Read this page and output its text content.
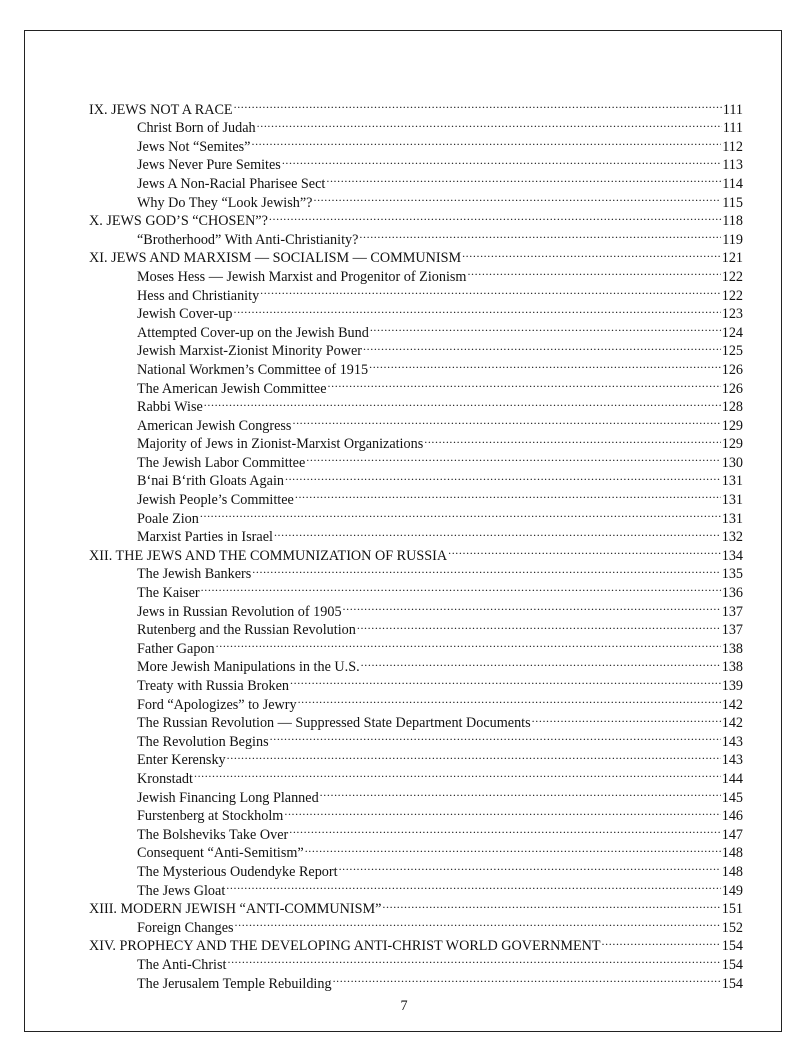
IX. JEWS NOT A RACE .....	111
Christ Born of Judah .....	111
Jews Not “Semites” .....	112
Jews Never Pure Semites .....	113
Jews A Non-Racial Pharisee Sect .....	114
Why Do They “Look Jewish”? .....	115
X. JEWS GOD’S “CHOSEN”? .....	118
“Brotherhood” With Anti-Christianity? .....	119
XI. JEWS AND MARXISM — SOCIALISM — COMMUNISM .....	121
Moses Hess — Jewish Marxist and Progenitor of Zionism .....	122
Hess and Christianity .....	122
Jewish Cover-up .....	123
Attempted Cover-up on the Jewish Bund .....	124
Jewish Marxist-Zionist Minority Power .....	125
National Workmen’s Committee of 1915 .....	126
The American Jewish Committee .....	126
Rabbi Wise .....	128
American Jewish Congress .....	129
Majority of Jews in Zionist-Marxist Organizations .....	129
The Jewish Labor Committee .....	130
B‘nai B‘rith Gloats Again .....	131
Jewish People’s Committee .....	131
Poale Zion .....	131
Marxist Parties in Israel .....	132
XII. THE JEWS AND THE COMMUNIZATION OF RUSSIA .....	134
The Jewish Bankers .....	135
The Kaiser .....	136
Jews in Russian Revolution of 1905 .....	137
Rutenberg and the Russian Revolution .....	137
Father Gapon .....	138
More Jewish Manipulations in the U.S. .....	138
Treaty with Russia Broken .....	139
Ford “Apologizes” to Jewry .....	142
The Russian Revolution — Suppressed State Department Documents .....	142
The Revolution Begins .....	143
Enter Kerensky .....	143
Kronstadt .....	144
Jewish Financing Long Planned .....	145
Furstenberg at Stockholm .....	146
The Bolsheviks Take Over .....	147
Consequent “Anti-Semitism” .....	148
The Mysterious Oudendyke Report .....	148
The Jews Gloat .....	149
XIII. MODERN JEWISH “ANTI-COMMUNISM” .....	151
Foreign Changes .....	152
XIV. PROPHECY AND THE DEVELOPING ANTI-CHRIST WORLD GOVERNMENT .....	154
The Anti-Christ .....	154
The Jerusalem Temple Rebuilding .....	154
7
